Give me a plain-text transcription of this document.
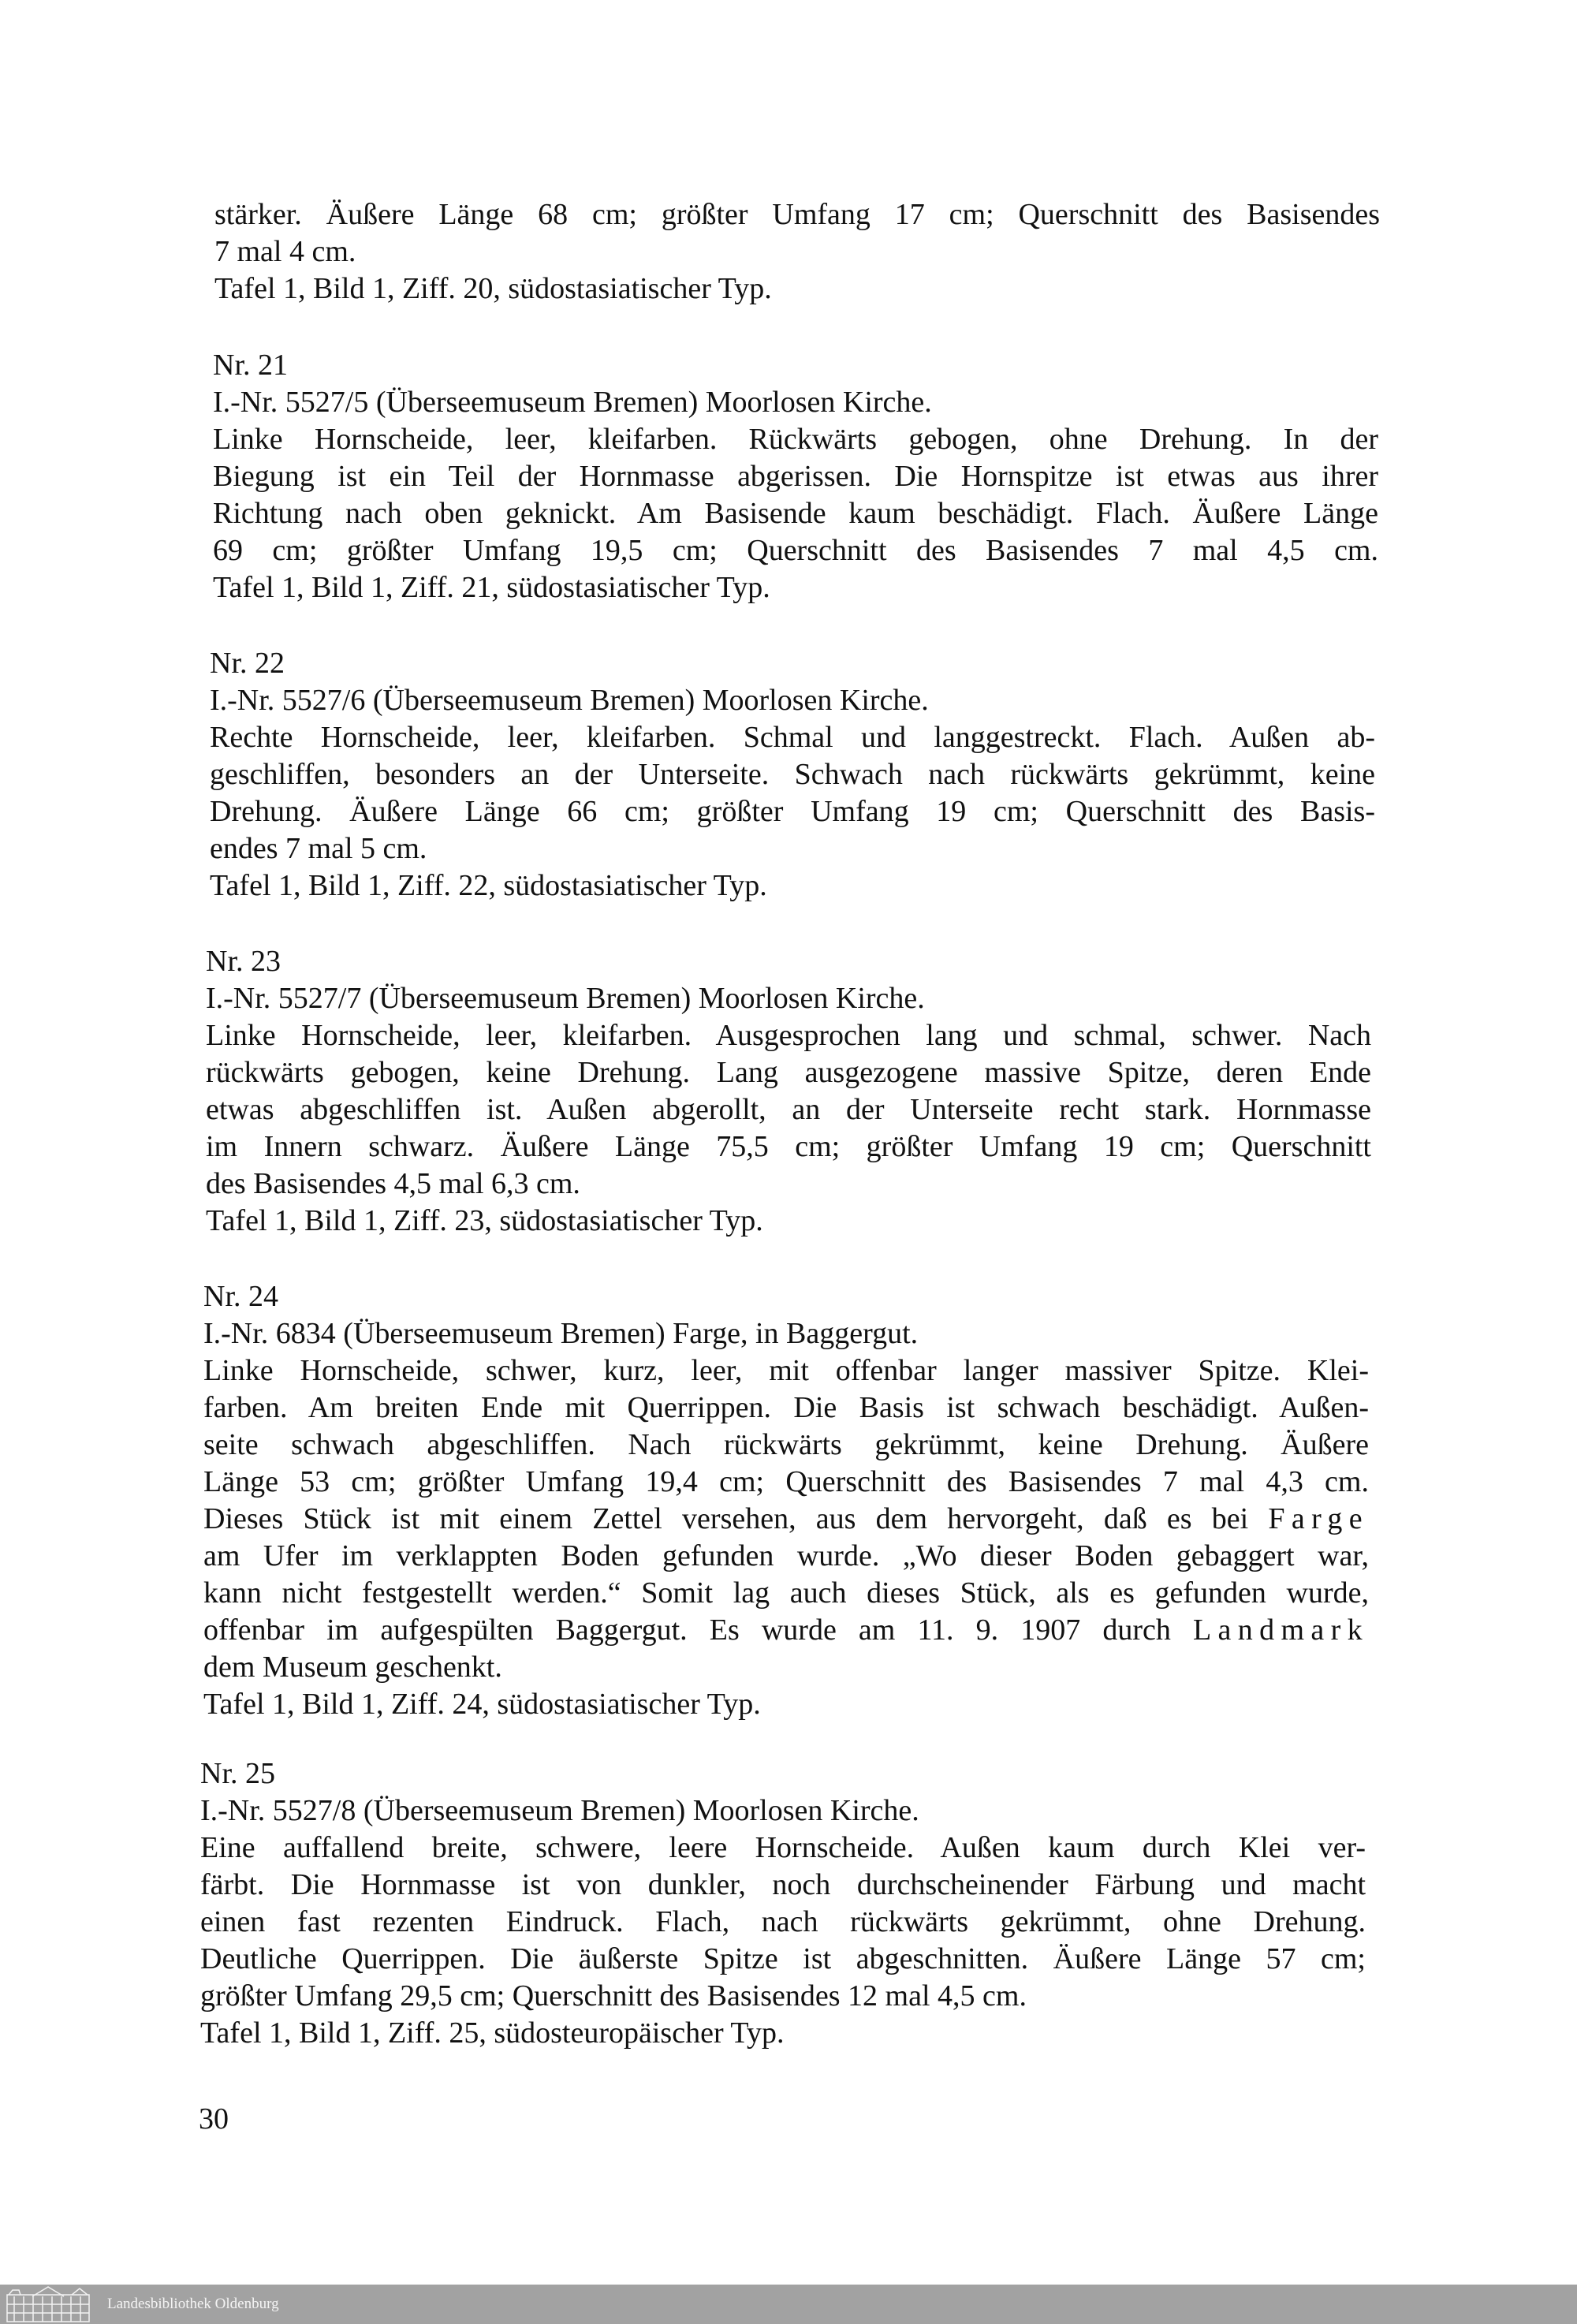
stärker. Äußere Länge 68 cm; größter Umfang 17 cm; Querschnitt des Basisendes
7 mal 4 cm.
Tafel 1, Bild 1, Ziff. 20, südostasiatischer Typ.
Nr. 21
I.-Nr. 5527/5 (Überseemuseum Bremen) Moorlosen Kirche.
Linke Hornscheide, leer, kleifarben. Rückwärts gebogen, ohne Drehung. In der
Biegung ist ein Teil der Hornmasse abgerissen. Die Hornspitze ist etwas aus ihrer
Richtung nach oben geknickt. Am Basisende kaum beschädigt. Flach. Äußere Länge
69 cm; größter Umfang 19,5 cm; Querschnitt des Basisendes 7 mal 4,5 cm.
Tafel 1, Bild 1, Ziff. 21, südostasiatischer Typ.
Nr. 22
I.-Nr. 5527/6 (Überseemuseum Bremen) Moorlosen Kirche.
Rechte Hornscheide, leer, kleifarben. Schmal und langgestreckt. Flach. Außen ab-
geschliffen, besonders an der Unterseite. Schwach nach rückwärts gekrümmt, keine
Drehung. Äußere Länge 66 cm; größter Umfang 19 cm; Querschnitt des Basis-
endes 7 mal 5 cm.
Tafel 1, Bild 1, Ziff. 22, südostasiatischer Typ.
Nr. 23
I.-Nr. 5527/7 (Überseemuseum Bremen) Moorlosen Kirche.
Linke Hornscheide, leer, kleifarben. Ausgesprochen lang und schmal, schwer. Nach
rückwärts gebogen, keine Drehung. Lang ausgezogene massive Spitze, deren Ende
etwas abgeschliffen ist. Außen abgerollt, an der Unterseite recht stark. Hornmasse
im Innern schwarz. Äußere Länge 75,5 cm; größter Umfang 19 cm; Querschnitt
des Basisendes 4,5 mal 6,3 cm.
Tafel 1, Bild 1, Ziff. 23, südostasiatischer Typ.
Nr. 24
I.-Nr. 6834 (Überseemuseum Bremen) Farge, in Baggergut.
Linke Hornscheide, schwer, kurz, leer, mit offenbar langer massiver Spitze. Klei-
farben. Am breiten Ende mit Querrippen. Die Basis ist schwach beschädigt. Außen-
seite schwach abgeschliffen. Nach rückwärts gekrümmt, keine Drehung. Äußere
Länge 53 cm; größter Umfang 19,4 cm; Querschnitt des Basisendes 7 mal 4,3 cm.
Dieses Stück ist mit einem Zettel versehen, aus dem hervorgeht, daß es bei Farge
am Ufer im verklappten Boden gefunden wurde. „Wo dieser Boden gebaggert war,
kann nicht festgestellt werden.“ Somit lag auch dieses Stück, als es gefunden wurde,
offenbar im aufgespülten Baggergut. Es wurde am 11. 9. 1907 durch Landmark
dem Museum geschenkt.
Tafel 1, Bild 1, Ziff. 24, südostasiatischer Typ.
Nr. 25
I.-Nr. 5527/8 (Überseemuseum Bremen) Moorlosen Kirche.
Eine auffallend breite, schwere, leere Hornscheide. Außen kaum durch Klei ver-
färbt. Die Hornmasse ist von dunkler, noch durchscheinender Färbung und macht
einen fast rezenten Eindruck. Flach, nach rückwärts gekrümmt, ohne Drehung.
Deutliche Querrippen. Die äußerste Spitze ist abgeschnitten. Äußere Länge 57 cm;
größter Umfang 29,5 cm; Querschnitt des Basisendes 12 mal 4,5 cm.
Tafel 1, Bild 1, Ziff. 25, südosteuropäischer Typ.
30
Landesbibliothek Oldenburg
